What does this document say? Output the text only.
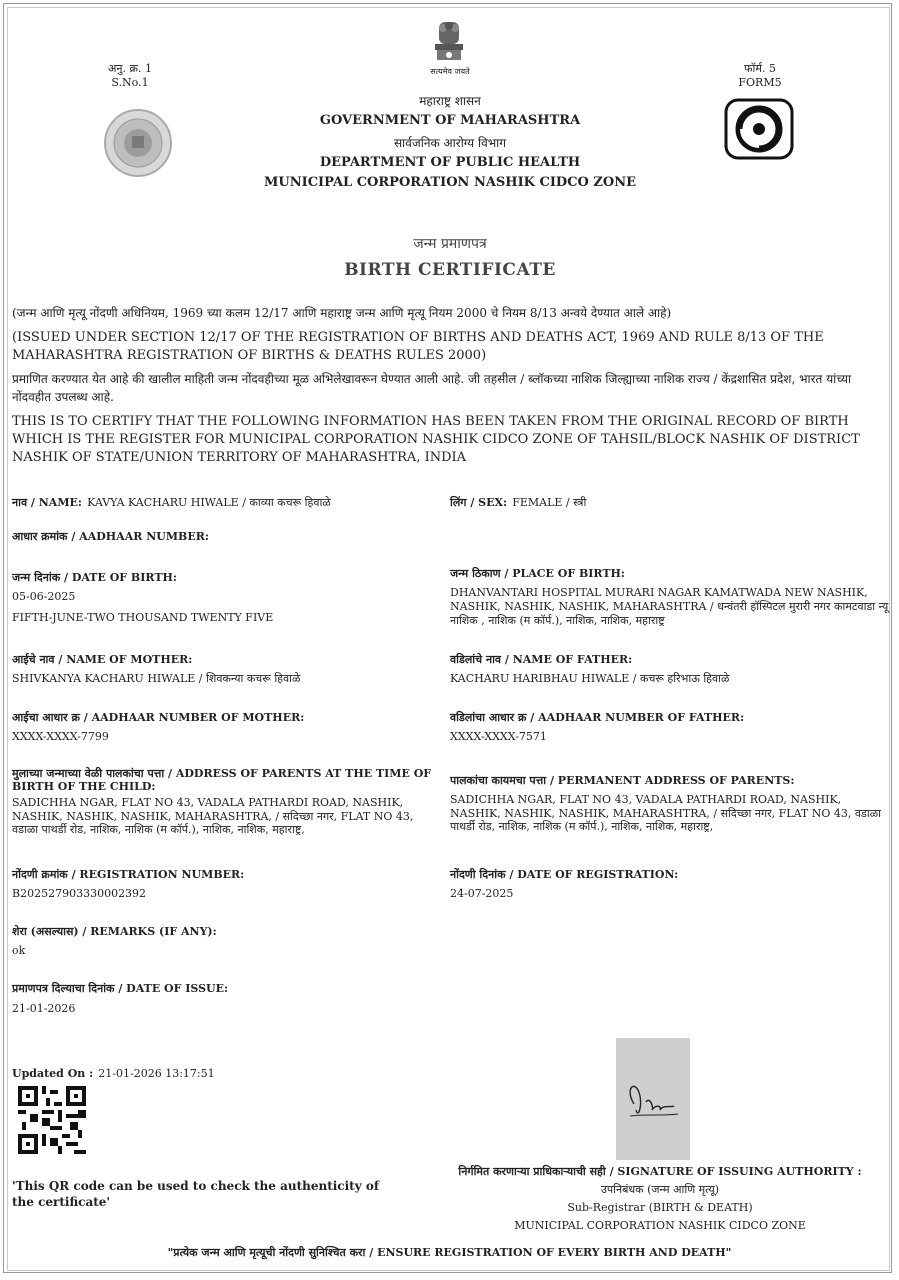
सत्यमेव जयते
अनु. क्र. 1
S.No.1
फॉर्म. 5
FORM5
महाराष्ट्र शासन
GOVERNMENT OF MAHARASHTRA
सार्वजनिक आरोग्य विभाग
DEPARTMENT OF PUBLIC HEALTH
MUNICIPAL CORPORATION NASHIK CIDCO ZONE
जन्म प्रमाणपत्र
BIRTH CERTIFICATE
(जन्म आणि मृत्यू नोंदणी अधिनियम, 1969 च्या कलम 12/17 आणि महाराष्ट्र जन्म आणि मृत्यू नियम 2000 चे नियम 8/13 अन्वये देण्यात आले आहे)
(ISSUED UNDER SECTION 12/17 OF THE REGISTRATION OF BIRTHS AND DEATHS ACT, 1969 AND RULE 8/13 OF THE MAHARASHTRA REGISTRATION OF BIRTHS & DEATHS RULES 2000)
प्रमाणित करण्यात येत आहे की खालील माहिती जन्म नोंदवहीच्या मूळ अभिलेखावरून घेण्यात आली आहे. जी तहसील / ब्लॉकच्या नाशिक जिल्ह्याच्या नाशिक राज्य / केंद्रशासित प्रदेश, भारत यांच्या नोंदवहीत उपलब्ध आहे.
THIS IS TO CERTIFY THAT THE FOLLOWING INFORMATION HAS BEEN TAKEN FROM THE ORIGINAL RECORD OF BIRTH WHICH IS THE REGISTER FOR MUNICIPAL CORPORATION NASHIK CIDCO ZONE OF TAHSIL/BLOCK NASHIK OF DISTRICT NASHIK OF STATE/UNION TERRITORY OF MAHARASHTRA, INDIA
नाव / NAME: KAVYA KACHARU HIWALE / काव्या कचरू हिवाळे	लिंग / SEX: FEMALE / स्त्री
आधार क्रमांक / AADHAAR NUMBER:
जन्म दिनांक / DATE OF BIRTH:
05-06-2025
FIFTH-JUNE-TWO THOUSAND TWENTY FIVE
जन्म ठिकाण / PLACE OF BIRTH:
DHANVANTARI HOSPITAL MURARI NAGAR KAMATWADA NEW NASHIK, NASHIK, NASHIK, NASHIK, MAHARASHTRA / धन्वंतरी हॉस्पिटल मुरारी नगर कामटवाडा न्यू नाशिक , नाशिक (म कॉर्प.), नाशिक, नाशिक, महाराष्ट्र
आईचे नाव / NAME OF MOTHER:
SHIVKANYA KACHARU HIWALE / शिवकन्या कचरू हिवाळे
वडिलांचे नाव / NAME OF FATHER:
KACHARU HARIBHAU HIWALE / कचरू हरिभाऊ हिवाळे
आईचा आधार क्र / AADHAAR NUMBER OF MOTHER:
XXXX-XXXX-7799
वडिलांचा आधार क्र / AADHAAR NUMBER OF FATHER:
XXXX-XXXX-7571
मुलाच्या जन्माच्या वेळी पालकांचा पत्ता / ADDRESS OF PARENTS AT THE TIME OF BIRTH OF THE CHILD:
SADICHHA NGAR, FLAT NO 43, VADALA PATHARDI ROAD, NASHIK, NASHIK, NASHIK, NASHIK, MAHARASHTRA, / सदिच्छा नगर, FLAT NO 43, वडाळा पाथर्डी रोड, नाशिक, नाशिक (म कॉर्प.), नाशिक, नाशिक, महाराष्ट्र,
पालकांचा कायमचा पत्ता / PERMANENT ADDRESS OF PARENTS:
SADICHHA NGAR, FLAT NO 43, VADALA PATHARDI ROAD, NASHIK, NASHIK, NASHIK, NASHIK, MAHARASHTRA, / सदिच्छा नगर, FLAT NO 43, वडाळा पाथर्डी रोड, नाशिक, नाशिक (म कॉर्प.), नाशिक, नाशिक, महाराष्ट्र,
नोंदणी क्रमांक / REGISTRATION NUMBER:
B202527903330002392
नोंदणी दिनांक / DATE OF REGISTRATION:
24-07-2025
शेरा (असल्यास) / REMARKS (IF ANY):
ok
प्रमाणपत्र दिल्याचा दिनांक / DATE OF ISSUE:
21-01-2026
Updated On : 21-01-2026 13:17:51
'This QR code can be used to check the authenticity of the certificate'
निर्गमित करणाऱ्या प्राधिकाऱ्याची सही / SIGNATURE OF ISSUING AUTHORITY :
उपनिबंधक (जन्म आणि मृत्यू)
Sub-Registrar (BIRTH & DEATH)
MUNICIPAL CORPORATION NASHIK CIDCO ZONE
"प्रत्येक जन्म आणि मृत्यूची नोंदणी सुनिश्चित करा / ENSURE REGISTRATION OF EVERY BIRTH AND DEATH"
